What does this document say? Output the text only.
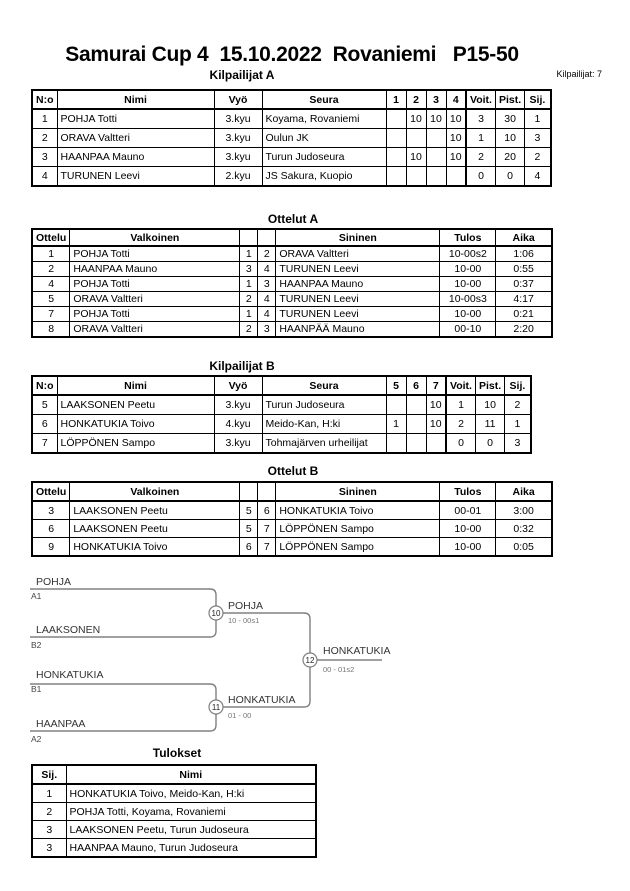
Samurai Cup 4  15.10.2022  Rovaniemi   P15-50
Kilpailijat: 7
Kilpailijat A
N:o	Nimi	Vyö	Seura	1	2	3	4	Voit.	Pist.	Sij.
1	POHJA Totti	3.kyu	Koyama, Rovaniemi		10	10	10	3	30	1
2	ORAVA Valtteri	3.kyu	Oulun JK				10	1	10	3
3	HAANPAA Mauno	3.kyu	Turun Judoseura		10		10	2	20	2
4	TURUNEN Leevi	2.kyu	JS Sakura, Kuopio					0	0	4
Ottelut A
Ottelu	Valkoinen			Sininen	Tulos	Aika
1	POHJA Totti	1	2	ORAVA Valtteri	10-00s2	1:06
2	HAANPAA Mauno	3	4	TURUNEN Leevi	10-00	0:55
4	POHJA Totti	1	3	HAANPAA Mauno	10-00	0:37
5	ORAVA Valtteri	2	4	TURUNEN Leevi	10-00s3	4:17
7	POHJA Totti	1	4	TURUNEN Leevi	10-00	0:21
8	ORAVA Valtteri	2	3	HAANPÄÄ Mauno	00-10	2:20
Kilpailijat B
N:o	Nimi	Vyö	Seura	5	6	7	Voit.	Pist.	Sij.
5	LAAKSONEN Peetu	3.kyu	Turun Judoseura			10	1	10	2
6	HONKATUKIA Toivo	4.kyu	Meido-Kan, H:ki	1		10	2	11	1
7	LÖPPÖNEN Sampo	3.kyu	Tohmajärven urheilijat				0	0	3
Ottelut B
Ottelu	Valkoinen			Sininen	Tulos	Aika
3	LAAKSONEN Peetu	5	6	HONKATUKIA Toivo	00-01	3:00
6	LAAKSONEN Peetu	5	7	LÖPPÖNEN Sampo	10-00	0:32
9	HONKATUKIA Toivo	6	7	LÖPPÖNEN Sampo	10-00	0:05
POHJA
A1
LAAKSONEN
B2
HONKATUKIA
B1
HAANPAA
A2
POHJA
10 - 00s1
HONKATUKIA
01 - 00
HONKATUKIA
00 - 01s2
10
11
12
Tulokset
Sij.	Nimi
1	HONKATUKIA Toivo, Meido-Kan, H:ki
2	POHJA Totti, Koyama, Rovaniemi
3	LAAKSONEN Peetu, Turun Judoseura
3	HAANPAA Mauno, Turun Judoseura
